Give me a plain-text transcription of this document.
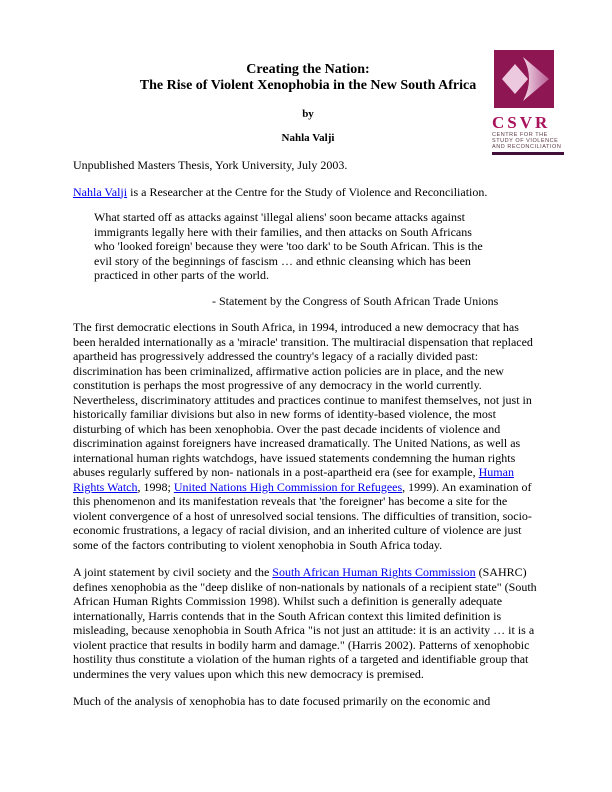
CSVR
CENTRE FOR THE
STUDY OF VIOLENCE
AND RECONCILIATION
Creating the Nation:
The Rise of Violent Xenophobia in the New South Africa
by
Nahla Valji
Unpublished Masters Thesis, York University, July 2003.
Nahla Valji is a Researcher at the Centre for the Study of Violence and Reconciliation.
What started off as attacks against 'illegal aliens' soon became attacks against immigrants legally here with their families, and then attacks on South Africans who 'looked foreign' because they were 'too dark' to be South African. This is the evil story of the beginnings of fascism … and ethnic cleansing which has been practiced in other parts of the world.
- Statement by the Congress of South African Trade Unions
The first democratic elections in South Africa, in 1994, introduced a new democracy that has been heralded internationally as a 'miracle' transition. The multiracial dispensation that replaced apartheid has progressively addressed the country's legacy of a racially divided past: discrimination has been criminalized, affirmative action policies are in place, and the new constitution is perhaps the most progressive of any democracy in the world currently. Nevertheless, discriminatory attitudes and practices continue to manifest themselves, not just in historically familiar divisions but also in new forms of identity-based violence, the most disturbing of which has been xenophobia. Over the past decade incidents of violence and discrimination against foreigners have increased dramatically. The United Nations, as well as international human rights watchdogs, have issued statements condemning the human rights abuses regularly suffered by non- nationals in a post-apartheid era (see for example, Human Rights Watch, 1998; United Nations High Commission for Refugees, 1999). An examination of this phenomenon and its manifestation reveals that 'the foreigner' has become a site for the violent convergence of a host of unresolved social tensions. The difficulties of transition, socio-economic frustrations, a legacy of racial division, and an inherited culture of violence are just some of the factors contributing to violent xenophobia in South Africa today.
A joint statement by civil society and the South African Human Rights Commission (SAHRC) defines xenophobia as the "deep dislike of non-nationals by nationals of a recipient state" (South African Human Rights Commission 1998). Whilst such a definition is generally adequate internationally, Harris contends that in the South African context this limited definition is misleading, because xenophobia in South Africa "is not just an attitude: it is an activity … it is a violent practice that results in bodily harm and damage." (Harris 2002). Patterns of xenophobic hostility thus constitute a violation of the human rights of a targeted and identifiable group that undermines the very values upon which this new democracy is premised.
Much of the analysis of xenophobia has to date focused primarily on the economic and
